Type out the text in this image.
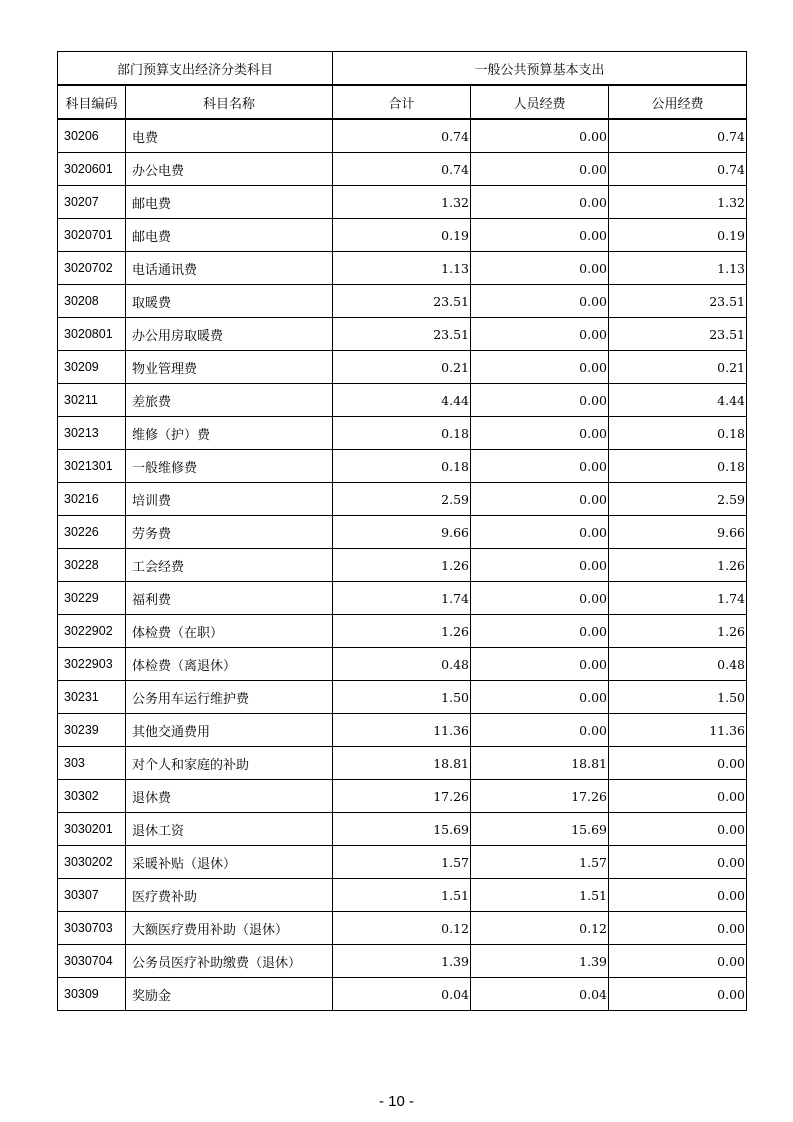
部门预算支出经济分类科目		一般公共预算基本支出		
科目编码	科目名称	合计	人员经费	公用经费
30206	电费	0.74	0.00	0.74
3020601	办公电费	0.74	0.00	0.74
30207	邮电费	1.32	0.00	1.32
3020701	邮电费	0.19	0.00	0.19
3020702	电话通讯费	1.13	0.00	1.13
30208	取暖费	23.51	0.00	23.51
3020801	办公用房取暖费	23.51	0.00	23.51
30209	物业管理费	0.21	0.00	0.21
30211	差旅费	4.44	0.00	4.44
30213	维修（护）费	0.18	0.00	0.18
3021301	一般维修费	0.18	0.00	0.18
30216	培训费	2.59	0.00	2.59
30226	劳务费	9.66	0.00	9.66
30228	工会经费	1.26	0.00	1.26
30229	福利费	1.74	0.00	1.74
3022902	体检费（在职）	1.26	0.00	1.26
3022903	体检费（离退休）	0.48	0.00	0.48
30231	公务用车运行维护费	1.50	0.00	1.50
30239	其他交通费用	11.36	0.00	11.36
303	对个人和家庭的补助	18.81	18.81	0.00
30302	退休费	17.26	17.26	0.00
3030201	退休工资	15.69	15.69	0.00
3030202	采暖补贴（退休）	1.57	1.57	0.00
30307	医疗费补助	1.51	1.51	0.00
3030703	大额医疗费用补助（退休）	0.12	0.12	0.00
3030704	公务员医疗补助缴费（退休）	1.39	1.39	0.00
30309	奖励金	0.04	0.04	0.00
- 10 -
